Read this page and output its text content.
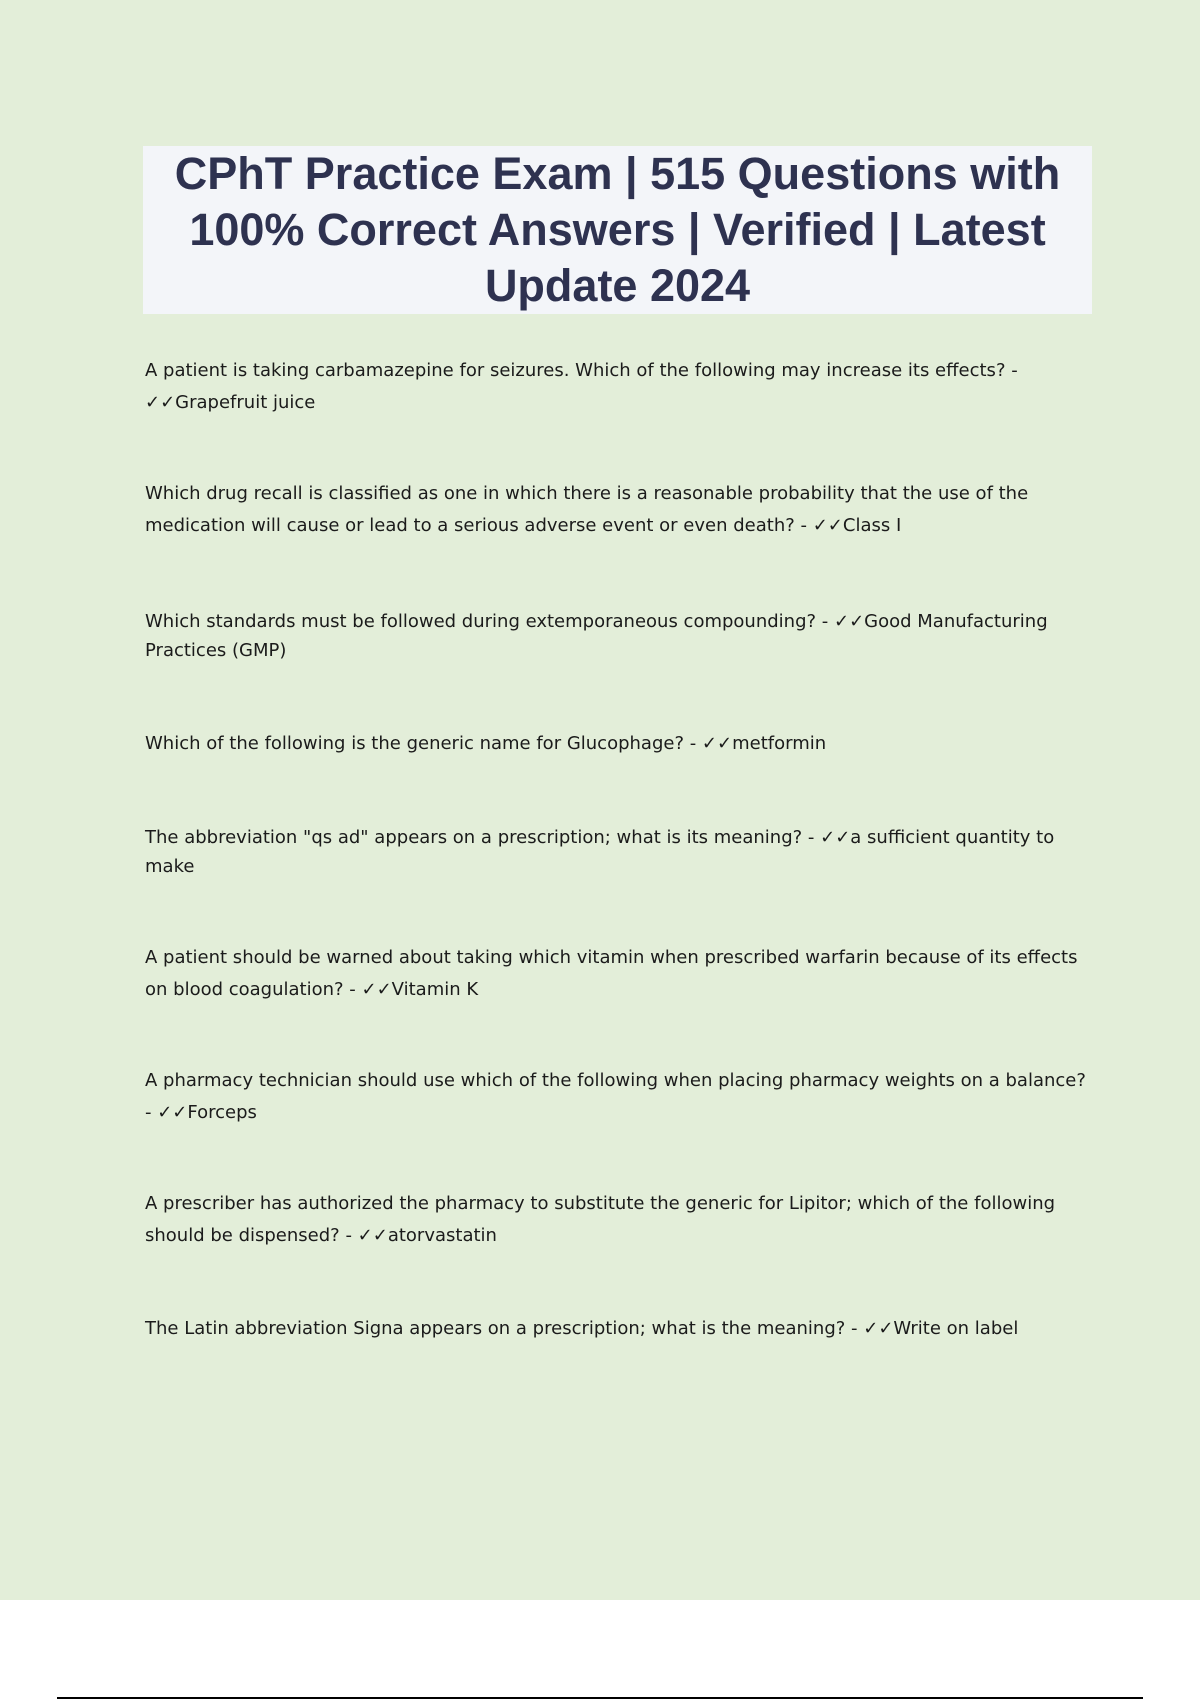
CPhT Practice Exam | 515 Questions with 100% Correct Answers | Verified | Latest Update 2024

A patient is taking carbamazepine for seizures. Which of the following may increase its effects? - ✓✓Grapefruit juice

Which drug recall is classified as one in which there is a reasonable probability that the use of the medication will cause or lead to a serious adverse event or even death? - ✓✓Class I

Which standards must be followed during extemporaneous compounding? - ✓✓Good Manufacturing Practices (GMP)

Which of the following is the generic name for Glucophage? - ✓✓metformin

The abbreviation "qs ad" appears on a prescription; what is its meaning? - ✓✓a sufficient quantity to make

A patient should be warned about taking which vitamin when prescribed warfarin because of its effects on blood coagulation? - ✓✓Vitamin K

A pharmacy technician should use which of the following when placing pharmacy weights on a balance? - ✓✓Forceps

A prescriber has authorized the pharmacy to substitute the generic for Lipitor; which of the following should be dispensed? - ✓✓atorvastatin

The Latin abbreviation Signa appears on a prescription; what is the meaning? - ✓✓Write on label
